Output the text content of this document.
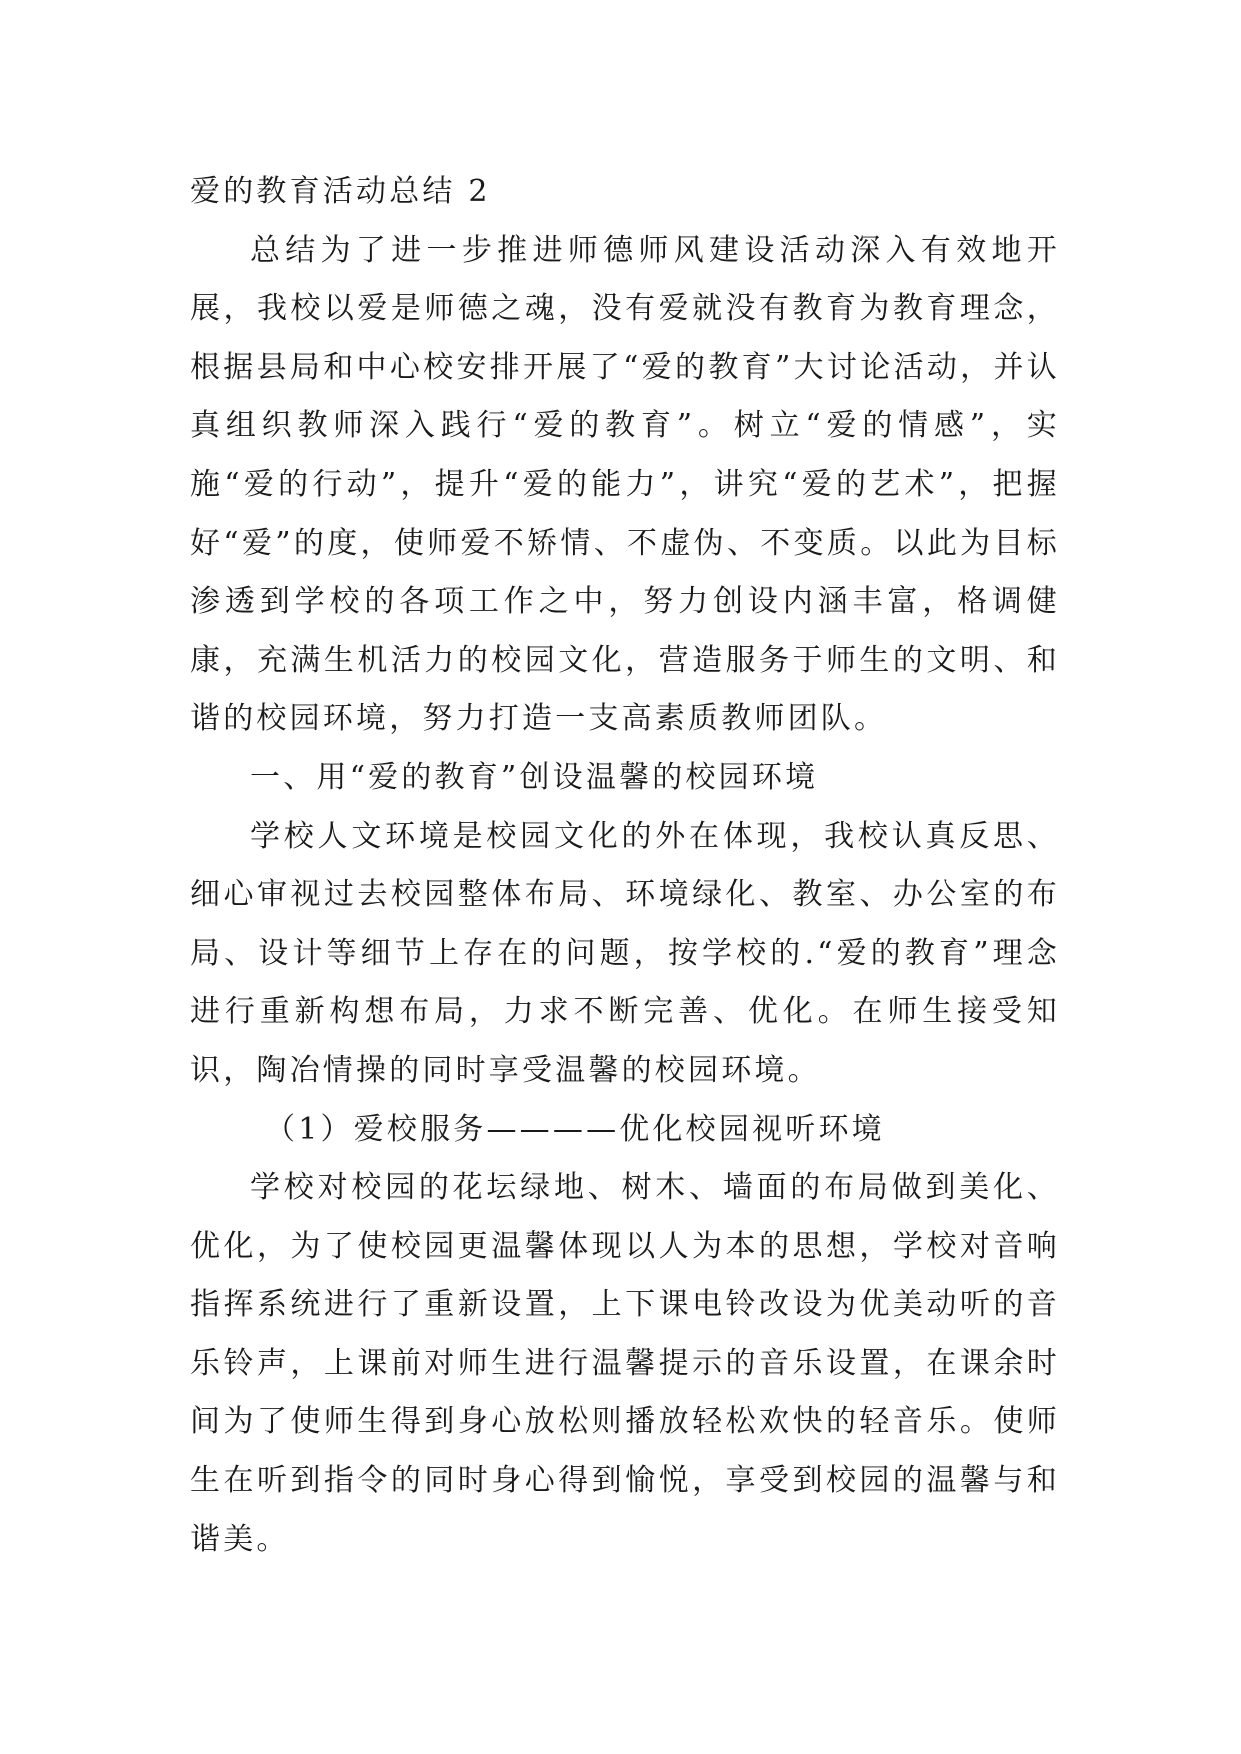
爱的教育活动总结 2

总结为了进一步推进师德师风建设活动深入有效地开展，我校以爱是师德之魂，没有爱就没有教育为教育理念，根据县局和中心校安排开展了“爱的教育”大讨论活动，并认真组织教师深入践行“爱的教育”。树立“爱的情感”，实施“爱的行动”，提升“爱的能力”，讲究“爱的艺术”，把握好“爱”的度，使师爱不矫情、不虚伪、不变质。以此为目标渗透到学校的各项工作之中，努力创设内涵丰富，格调健康，充满生机活力的校园文化，营造服务于师生的文明、和谐的校园环境，努力打造一支高素质教师团队。

一、用“爱的教育”创设温馨的校园环境

学校人文环境是校园文化的外在体现，我校认真反思、细心审视过去校园整体布局、环境绿化、教室、办公室的布局、设计等细节上存在的问题，按学校的.“爱的教育”理念进行重新构想布局，力求不断完善、优化。在师生接受知识，陶冶情操的同时享受温馨的校园环境。

（1）爱校服务————优化校园视听环境

学校对校园的花坛绿地、树木、墙面的布局做到美化、优化，为了使校园更温馨体现以人为本的思想，学校对音响指挥系统进行了重新设置，上下课电铃改设为优美动听的音乐铃声，上课前对师生进行温馨提示的音乐设置，在课余时间为了使师生得到身心放松则播放轻松欢快的轻音乐。使师生在听到指令的同时身心得到愉悦，享受到校园的温馨与和谐美。
